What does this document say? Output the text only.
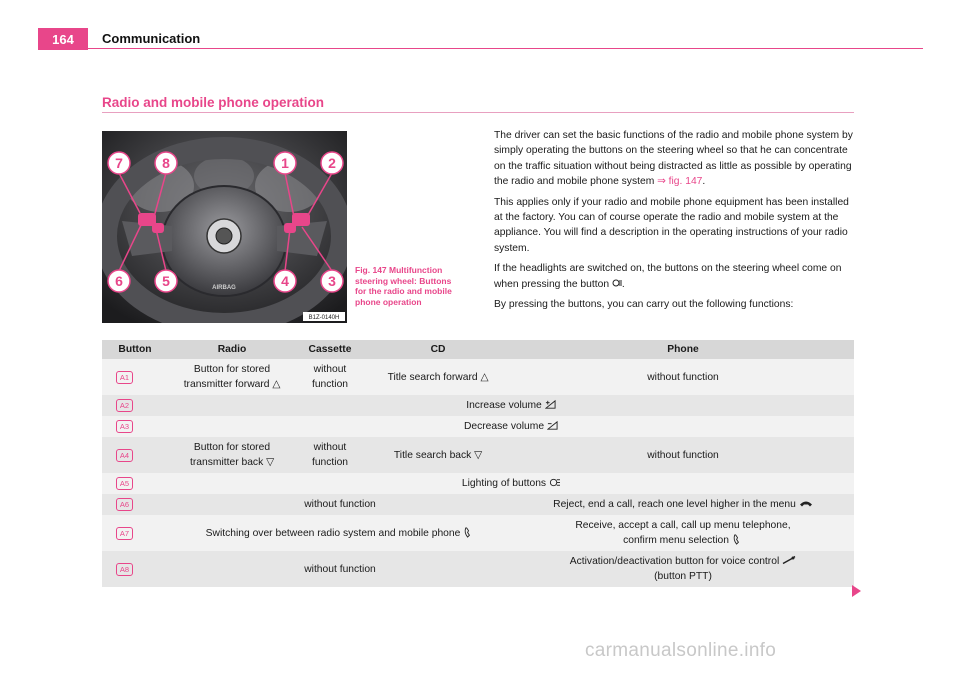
164	Communication
Radio and mobile phone operation
AIRBAG
7	8	1	2
6	5	4	3
B1Z-0140H
Fig. 147 Multifunction steering wheel: Buttons for the radio and mobile phone operation

The driver can set the basic functions of the radio and mobile phone system by simply operating the buttons on the steering wheel so that he can concentrate on the traffic situation without being distracted as little as possible by operating the radio and mobile phone system ⇒ fig. 147.

This applies only if your radio and mobile phone equipment has been installed at the factory. You can of course operate the radio and mobile system at the appliance. You will find a description in the operating instructions of your radio system.

If the headlights are switched on, the buttons on the steering wheel come on when pressing the button .

By pressing the buttons, you can carry out the following functions:

Button	Radio	Cassette	CD	Phone
A1	Button for stored transmitter forward △	without function	Title search forward △	without function
A2	Increase volume			
A3	Decrease volume			
A4	Button for stored transmitter back ▽	without function	Title search back ▽	without function
A5	Lighting of buttons			
A6	without function			Reject, end a call, reach one level higher in the menu
A7	Switching over between radio system and mobile phone			Receive, accept a call, call up menu telephone,
confirm menu selection

A8	without function			Activation/deactivation button for voice control
(button PTT)
carmanualsonline.info
